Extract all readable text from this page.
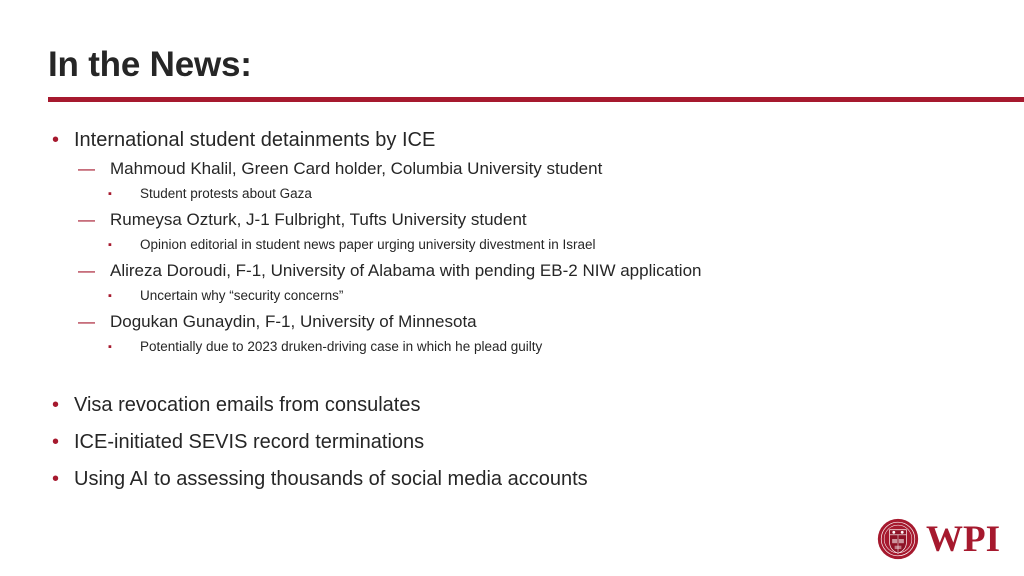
In the News:
• International student detainments by ICE
— Mahmoud Khalil, Green Card holder, Columbia University student
▪ Student protests about Gaza
— Rumeysa Ozturk, J-1 Fulbright, Tufts University student
▪ Opinion editorial in student news paper urging university divestment in Israel
— Alireza Doroudi, F-1, University of Alabama with pending EB-2 NIW application
▪ Uncertain why “security concerns”
— Dogukan Gunaydin, F-1, University of Minnesota
▪ Potentially due to 2023 druken-driving case in which he plead guilty
• Visa revocation emails from consulates
• ICE-initiated SEVIS record terminations
• Using AI to assessing thousands of social media accounts
WPI
